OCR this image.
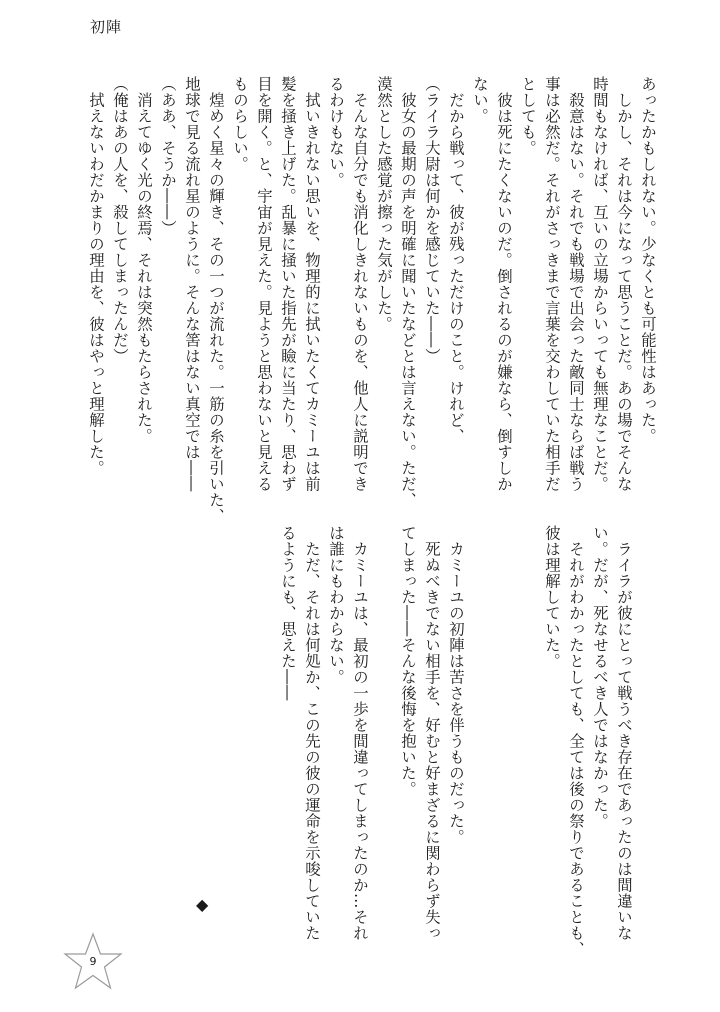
初陣
あったかもしれない。少なくとも可能性はあった。
　しかし、それは今になって思うことだ。あの場でそんな
時間もなければ、互いの立場からいっても無理なことだ。
　殺意はない。それでも戦場で出会った敵同士ならば戦う
事は必然だ。それがさっきまで言葉を交わしていた相手だ
としても。
　彼は死にたくないのだ。倒されるのが嫌なら、倒すしか
ない。
　だから戦って、彼が残っただけのこと。けれど、
（ライラ大尉は何かを感じていた――）
　彼女の最期の声を明確に聞いたなどとは言えない。ただ、
漠然とした感覚が擦った気がした。
　そんな自分でも消化しきれないものを、他人に説明でき
るわけもない。
　拭いきれない思いを、物理的に拭いたくてカミーユは前
髪を掻き上げた。乱暴に掻いた指先が瞼に当たり、思わず
目を開く。と、宇宙が見えた。見ようと思わないと見える
ものらしい。
　煌めく星々の輝き、その一つが流れた。一筋の糸を引いた、
地球で見る流れ星のように。そんな筈はない真空では――
（ああ、そうか――）
　消えてゆく光の終焉、それは突然もたらされた。
（俺はあの人を、殺してしまったんだ）
　拭えないわだかまりの理由を、彼はやっと理解した。
　ライラが彼にとって戦うべき存在であったのは間違いな
い。だが、死なせるべき人ではなかった。
　それがわかったとしても、全ては後の祭りであることも、
彼は理解していた。
　カミーユの初陣は苦さを伴うものだった。
　死ぬべきでない相手を、好むと好まざるに関わらず失っ
てしまった――そんな後悔を抱いた。
　カミーユは、最初の一歩を間違ってしまったのか…それ
は誰にもわからない。
　ただ、それは何処か、この先の彼の運命を示唆していた
るようにも、思えた――
◆
9
